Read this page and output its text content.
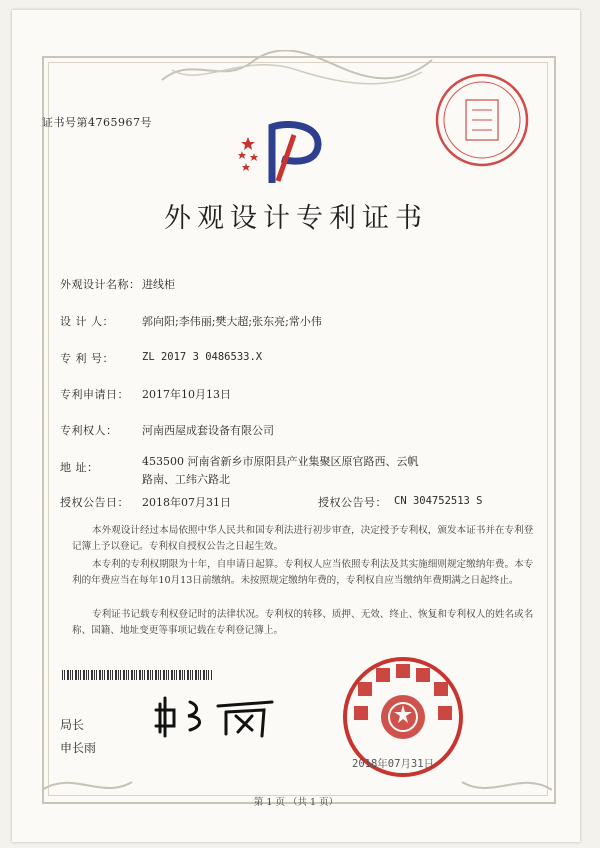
证书号第4765967号
外观设计专利证书
外观设计名称： 进线柜
设 计 人：	郭向阳;李伟丽;樊大超;张东亮;常小伟
专 利 号：	ZL 2017 3 0486533.X
专利申请日： 2017年10月13日
专利权人： 河南西屋成套设备有限公司
地 址：	453500 河南省新乡市原阳县产业集聚区原官路西、云帆
路南、工纬六路北
授权公告日： 2018年07月31日	授权公告号： CN 304752513 S
本外观设计经过本局依照中华人民共和国专利法进行初步审查，决定授予专利权，颁发本证书并在专利登记簿上予以登记。专利权自授权公告之日起生效。
本专利的专利权期限为十年，自申请日起算。专利权人应当依照专利法及其实施细则规定缴纳年费。本专利的年费应当在每年10月13日前缴纳。未按照规定缴纳年费的，专利权自应当缴纳年费期满之日起终止。
专利证书记载专利权登记时的法律状况。专利权的转移、质押、无效、终止、恢复和专利权人的姓名或名称、国籍、地址变更等事项记载在专利登记簿上。
局长
申长雨
2018年07月31日
第 1 页 （共 1 页）
